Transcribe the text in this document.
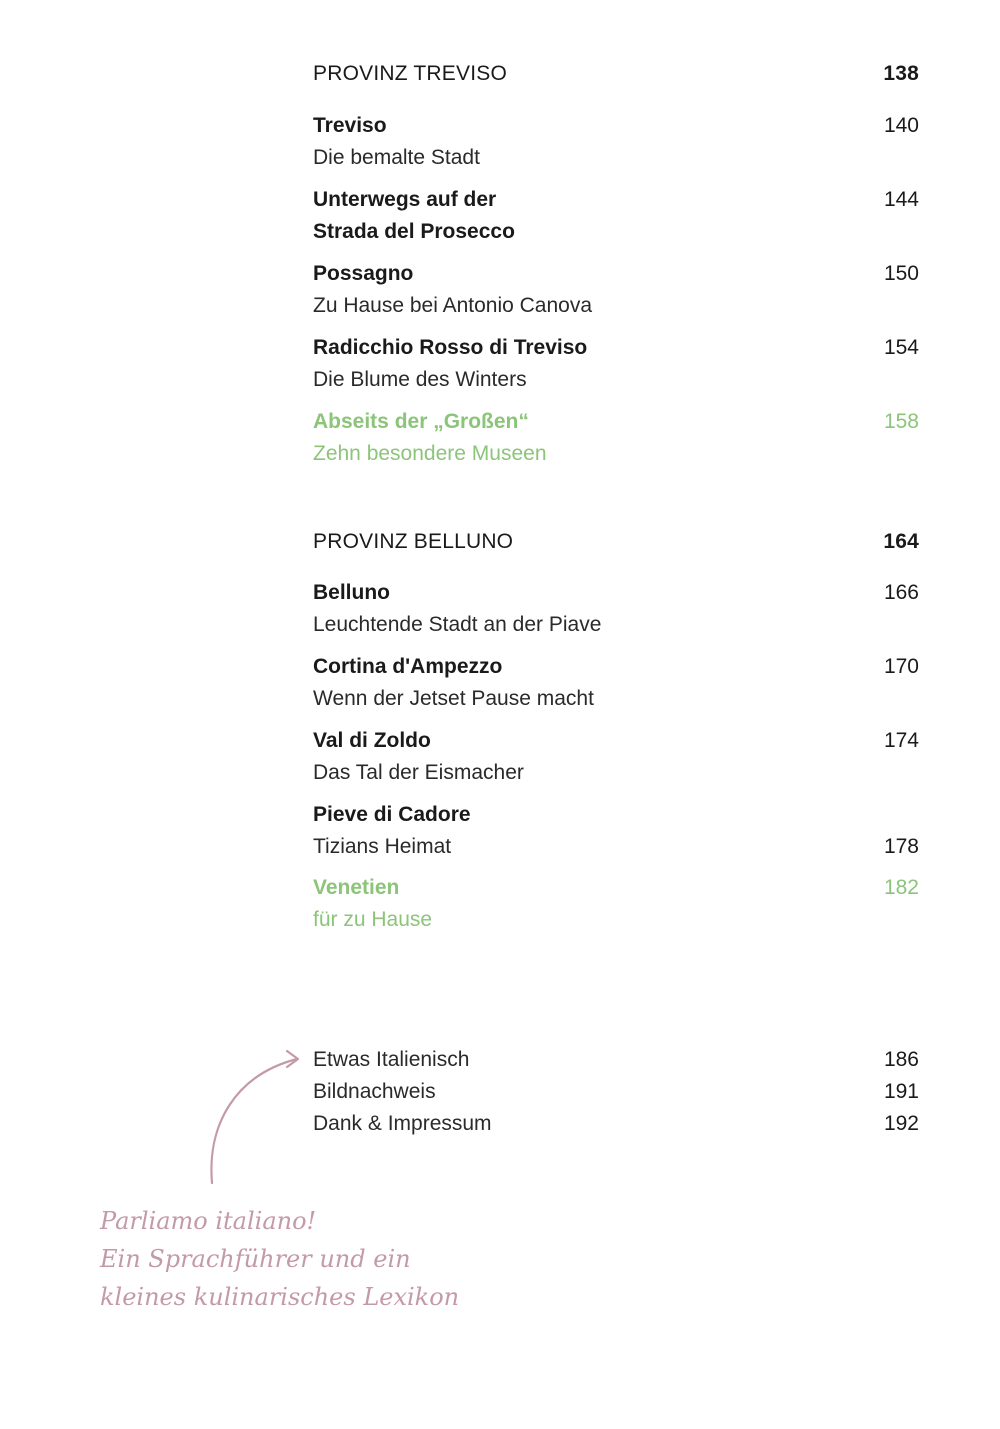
PROVINZ TREVISO	138
Treviso	140
Die bemalte Stadt
Unterwegs auf der	144
Strada del Prosecco
Possagno	150
Zu Hause bei Antonio Canova
Radicchio Rosso di Treviso	154
Die Blume des Winters
Abseits der „Großen“	158
Zehn besondere Museen
PROVINZ BELLUNO	164
Belluno	166
Leuchtende Stadt an der Piave
Cortina d'Ampezzo	170
Wenn der Jetset Pause macht
Val di Zoldo	174
Das Tal der Eismacher
Pieve di Cadore
Tizians Heimat	178
Venetien	182
für zu Hause
Etwas Italienisch	186
Bildnachweis	191
Dank & Impressum	192
Parliamo italiano!
Ein Sprachführer und ein
kleines kulinarisches Lexikon
